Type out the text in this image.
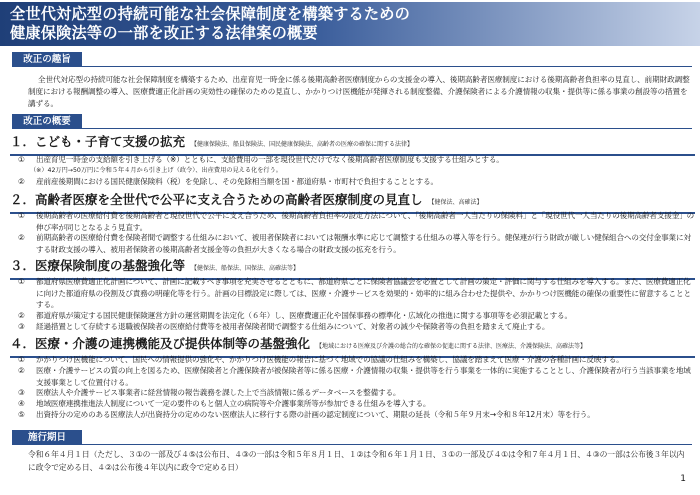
全世代対応型の持続可能な社会保障制度を構築するための
健康保険法等の一部を改正する法律案の概要
改正の趣旨
全世代対応型の持続可能な社会保障制度を構築するため、出産育児一時金に係る後期高齢者医療制度からの支援金の導入、後期高齢者医療制度における後期高齢者負担率の見直し、前期財政調整制度における報酬調整の導入、医療費適正化計画の実効性の確保のための見直し、かかりつけ医機能が発揮される制度整備、介護保険者による介護情報の収集・提供等に係る事業の創設等の措置を講ずる。
改正の概要
１．こども・子育て支援の拡充 【健康保険法、船員保険法、国民健康保険法、高齢者の医療の確保に関する法律】
①	出産育児一時金の支給額を引き上げる（※）とともに、支給費用の一部を現役世代だけでなく後期高齢者医療制度も支援する仕組みとする。
（※）42万円→50万円に令和５年４月から引き上げ（政令）、出産費用の見える化を行う。
②	産前産後期間における国民健康保険料（税）を免除し、その免除相当額を国・都道府県・市町村で負担することとする。
２．高齢者医療を全世代で公平に支え合うための高齢者医療制度の見直し 【健保法、高確法】
①	後期高齢者の医療給付費を後期高齢者と現役世代で公平に支え合うため、後期高齢者負担率の設定方法について、「後期高齢者一人当たりの保険料」と「現役世代一人当たりの後期高齢者支援金」の伸び率が同じとなるよう見直す。
②	前期高齢者の医療給付費を保険者間で調整する仕組みにおいて、被用者保険者においては報酬水準に応じて調整する仕組みの導入等を行う。健保連が行う財政が厳しい健保組合への交付金事業に対する財政支援の導入、被用者保険者の後期高齢者支援金等の負担が大きくなる場合の財政支援の拡充を行う。
３．医療保険制度の基盤強化等 【健保法、船保法、国保法、高確法等】
①	都道府県医療費適正化計画について、計画に記載すべき事項を充実させるとともに、都道府県ごとに保険者協議会を必置として計画の策定・評価に関与する仕組みを導入する。また、医療費適正化に向けた都道府県の役割及び責務の明確化等を行う。計画の目標設定に際しては、医療・介護サービスを効果的・効率的に組み合わせた提供や、かかりつけ医機能の確保の重要性に留意することとする。
②	都道府県が策定する国民健康保険運営方針の運営期間を法定化（６年）し、医療費適正化や国保事務の標準化・広域化の推進に関する事項等を必須記載とする。
③	経過措置として存続する退職被保険者の医療給付費等を被用者保険者間で調整する仕組みについて、対象者の減少や保険者等の負担を踏まえて廃止する。
４．医療・介護の連携機能及び提供体制等の基盤強化 【地域における医療及び介護の総合的な確保の促進に関する法律、医療法、介護保険法、高確法等】
①	かかりつけ医機能について、国民への情報提供の強化や、かかりつけ医機能の報告に基づく地域での協議の仕組みを構築し、協議を踏まえて医療・介護の各種計画に反映する。
②	医療・介護サービスの質の向上を図るため、医療保険者と介護保険者が被保険者等に係る医療・介護情報の収集・提供等を行う事業を一体的に実施することとし、介護保険者が行う当該事業を地域支援事業として位置付ける。
③	医療法人や介護サービス事業者に経営情報の報告義務を課した上で当該情報に係るデータベースを整備する。
④	地域医療連携推進法人制度について一定の要件のもと個人立の病院等や介護事業所等が参加できる仕組みを導入する。
⑤	出資持分の定めのある医療法人が出資持分の定めのない医療法人に移行する際の計画の認定制度について、期限の延長（令和５年９月末→令和８年12月末）等を行う。
施行期日
令和６年４月１日（ただし、３①の一部及び４⑤は公布日、４③の一部は令和５年８月１日、１②は令和６年１月１日、３①の一部及び４①は令和７年４月１日、４③の一部は公布後３年以内に政令で定める日、４②は公布後４年以内に政令で定める日）
1
